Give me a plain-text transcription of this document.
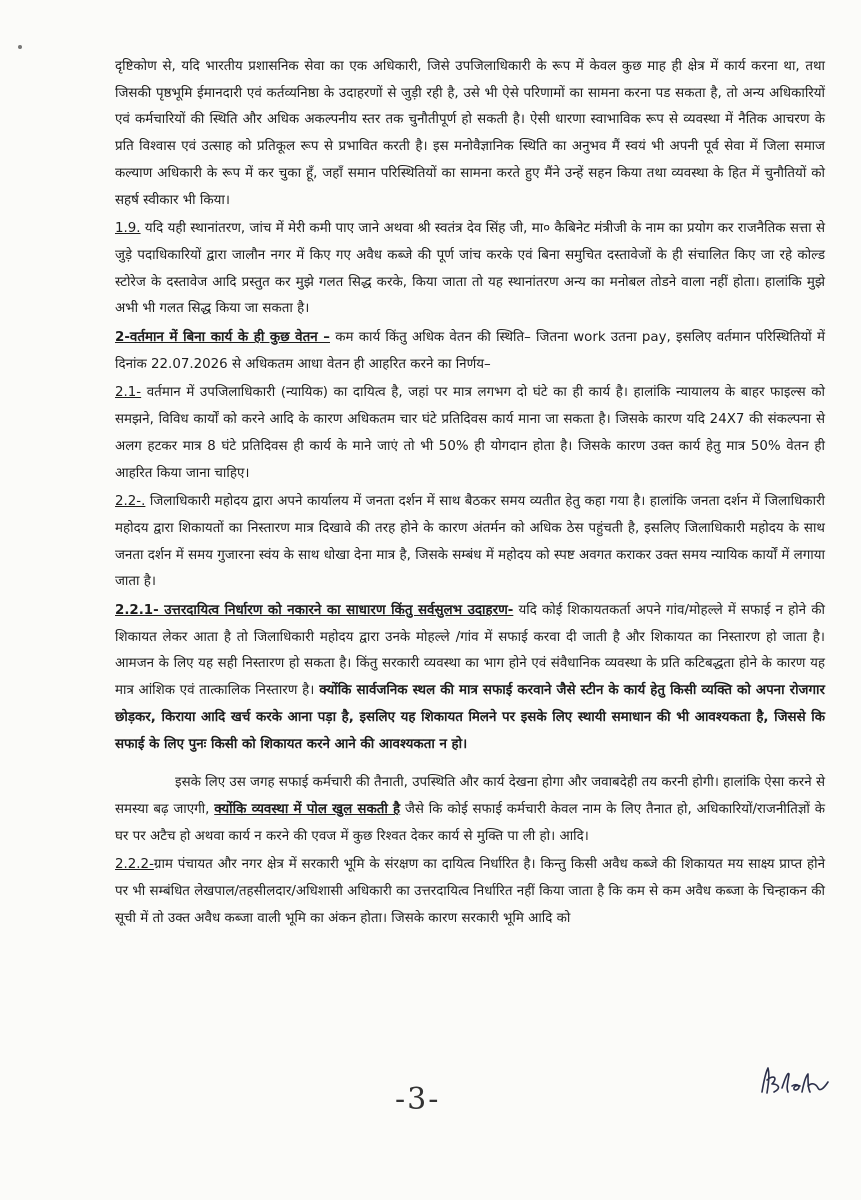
दृष्टिकोण से, यदि भारतीय प्रशासनिक सेवा का एक अधिकारी, जिसे उपजिलाधिकारी के रूप में केवल कुछ माह ही क्षेत्र में कार्य करना था, तथा जिसकी पृष्ठभूमि ईमानदारी एवं कर्तव्यनिष्ठा के उदाहरणों से जुड़ी रही है, उसे भी ऐसे परिणामों का सामना करना पड सकता है, तो अन्य अधिकारियों एवं कर्मचारियों की स्थिति और अधिक अकल्पनीय स्तर तक चुनौतीपूर्ण हो सकती है। ऐसी धारणा स्वाभाविक रूप से व्यवस्था में नैतिक आचरण के प्रति विश्वास एवं उत्साह को प्रतिकूल रूप से प्रभावित करती है। इस मनोवैज्ञानिक स्थिति का अनुभव मैं स्वयं भी अपनी पूर्व सेवा में जिला समाज कल्याण अधिकारी के रूप में कर चुका हूँ, जहाँ समान परिस्थितियों का सामना करते हुए मैंने उन्हें सहन किया तथा व्यवस्था के हित में चुनौतियों को सहर्ष स्वीकार भी किया।

1.9. यदि यही स्थानांतरण, जांच में मेरी कमी पाए जाने अथवा श्री स्वतंत्र देव सिंह जी, मा० कैबिनेट मंत्रीजी के नाम का प्रयोग कर राजनैतिक सत्ता से जुड़े पदाधिकारियों द्वारा जालौन नगर में किए गए अवैध कब्जे की पूर्ण जांच करके एवं बिना समुचित दस्तावेजों के ही संचालित किए जा रहे कोल्ड स्टोरेज के दस्तावेज आदि प्रस्तुत कर मुझे गलत सिद्ध करके, किया जाता तो यह स्थानांतरण अन्य का मनोबल तोडने वाला नहीं होता। हालांकि मुझे अभी भी गलत सिद्ध किया जा सकता है।

2-वर्तमान में बिना कार्य के ही कुछ वेतन – कम कार्य किंतु अधिक वेतन की स्थिति– जितना work उतना pay, इसलिए वर्तमान परिस्थितियों में दिनांक 22.07.2026 से अधिकतम आधा वेतन ही आहरित करने का निर्णय–

2.1- वर्तमान में उपजिलाधिकारी (न्यायिक) का दायित्व है, जहां पर मात्र लगभग दो घंटे का ही कार्य है। हालांकि न्यायालय के बाहर फाइल्स को समझने, विविध कार्यों को करने आदि के कारण अधिकतम चार घंटे प्रतिदिवस कार्य माना जा सकता है। जिसके कारण यदि 24X7 की संकल्पना से अलग हटकर मात्र 8 घंटे प्रतिदिवस ही कार्य के माने जाएं तो भी 50% ही योगदान होता है। जिसके कारण उक्त कार्य हेतु मात्र 50% वेतन ही आहरित किया जाना चाहिए।

2.2-. जिलाधिकारी महोदय द्वारा अपने कार्यालय में जनता दर्शन में साथ बैठकर समय व्यतीत हेतु कहा गया है। हालांकि जनता दर्शन में जिलाधिकारी महोदय द्वारा शिकायतों का निस्तारण मात्र दिखावे की तरह होने के कारण अंतर्मन को अधिक ठेस पहुंचती है, इसलिए जिलाधिकारी महोदय के साथ जनता दर्शन में समय गुजारना स्वंय के साथ धोखा देना मात्र है, जिसके सम्बंध में महोदय को स्पष्ट अवगत कराकर उक्त समय न्यायिक कार्यों में लगाया जाता है।

2.2.1- उत्तरदायित्व निर्धारण को नकारने का साधारण किंतु सर्वसुलभ उदाहरण- यदि कोई शिकायतकर्ता अपने गांव/मोहल्ले में सफाई न होने की शिकायत लेकर आता है तो जिलाधिकारी महोदय द्वारा उनके मोहल्ले /गांव में सफाई करवा दी जाती है और शिकायत का निस्तारण हो जाता है। आमजन के लिए यह सही निस्तारण हो सकता है। किंतु सरकारी व्यवस्था का भाग होने एवं संवैधानिक व्यवस्था के प्रति कटिबद्धता होने के कारण यह मात्र आंशिक एवं तात्कालिक निस्तारण है। क्योंकि सार्वजनिक स्थल की मात्र सफाई करवाने जैसे स्टीन के कार्य हेतु किसी व्यक्ति को अपना रोजगार छोड़कर, किराया आदि खर्च करके आना पड़ा है, इसलिए यह शिकायत मिलने पर इसके लिए स्थायी समाधान की भी आवश्यकता है, जिससे कि सफाई के लिए पुनः किसी को शिकायत करने आने की आवश्यकता न हो।

इसके लिए उस जगह सफाई कर्मचारी की तैनाती, उपस्थिति और कार्य देखना होगा और जवाबदेही तय करनी होगी। हालांकि ऐसा करने से समस्या बढ़ जाएगी, क्योंकि व्यवस्था में पोल खुल सकती है जैसे कि कोई सफाई कर्मचारी केवल नाम के लिए तैनात हो, अधिकारियों/राजनीतिज्ञों के घर पर अटैच हो अथवा कार्य न करने की एवज में कुछ रिश्वत देकर कार्य से मुक्ति पा ली हो। आदि।

2.2.2-ग्राम पंचायत और नगर क्षेत्र में सरकारी भूमि के संरक्षण का दायित्व निर्धारित है। किन्तु किसी अवैध कब्जे की शिकायत मय साक्ष्य प्राप्त होने पर भी सम्बंधित लेखपाल/तहसीलदार/अधिशासी अधिकारी का उत्तरदायित्व निर्धारित नहीं किया जाता है कि कम से कम अवैध कब्जा के चिन्हाकन की सूची में तो उक्त अवैध कब्जा वाली भूमि का अंकन होता। जिसके कारण सरकारी भूमि आदि को

-3-
